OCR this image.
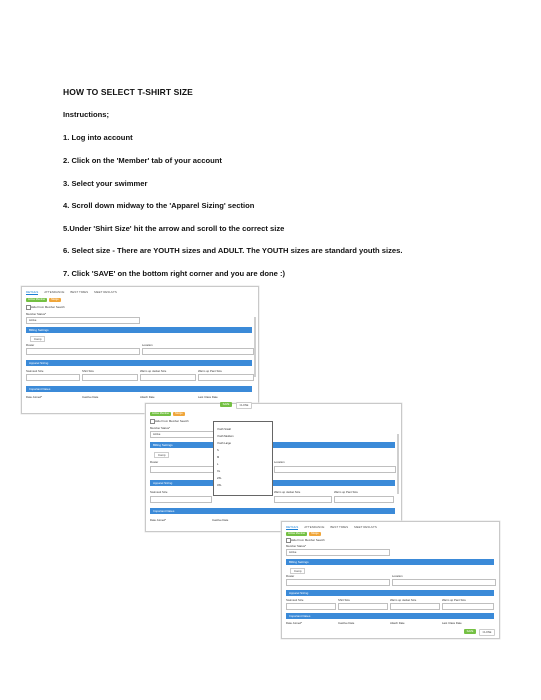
HOW TO SELECT T-SHIRT SIZE
Instructions;
1. Log into account
2. Click on the 'Member' tab of your account
3. Select your swimmer
4. Scroll down midway to the 'Apparel Sizing' section
5.Under 'Shirt Size' hit the arrow and scroll to the correct size
6. Select size - There are YOUTH sizes and ADULT. The YOUTH sizes are standard youth sizes.
7. Click 'SAVE' on the bottom right corner and you are done :)
DETAILS ATTENDANCE BEST TIMES MEET RESULTS
Active Member	Merge
Hide From Member Search
Member Status*
Active
Billing Settings
Comp
Roster	Location
Apparel Sizing
Swimsuit Size	Shirt Size	Warm up Jacket Size	Warm up Pant Size
Important Dates
Date Joined*	Inactive Date	Attach Date	Last Class Date
Active Member	Merge
Hide From Member Search
Member Status*
Active
Billing Settings
Comp
Roster	Location
Apparel Sizing
Swimsuit Size	Warm up Jacket Size	Warm up Pant Size
Important Dates
Date Joined*	Inactive Date
Youth Small
Youth Medium
Youth Large
S
M
L
XL
2XL
3XL
DETAILS ATTENDANCE BEST TIMES MEET RESULTS
Active Member	Merge
Hide From Member Search
Member Status*
Active
Billing Settings
Comp
Roster	Location
Apparel Sizing
Swimsuit Size	Shirt Size	Warm up Jacket Size	Warm up Pant Size
Important Dates
Date Joined*	Inactive Date	Attach Date	Last Class Date
SAVE	CLOSE
SAVE	CLOSE
